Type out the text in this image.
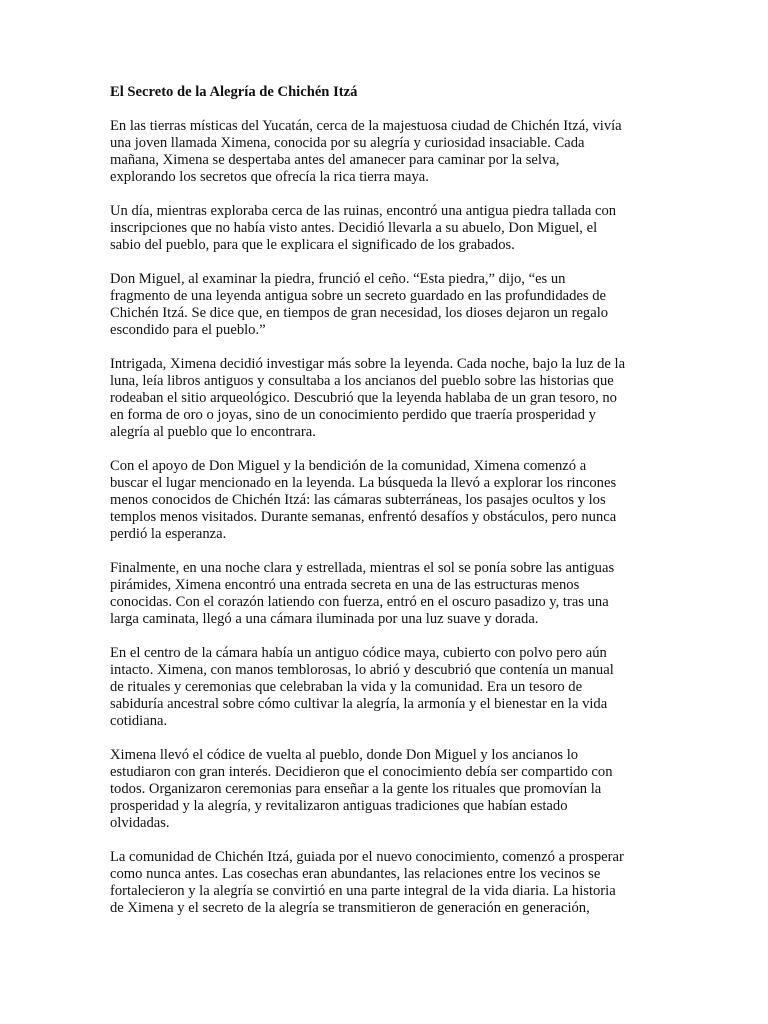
El Secreto de la Alegría de Chichén Itzá
En las tierras místicas del Yucatán, cerca de la majestuosa ciudad de Chichén Itzá, vivía
una joven llamada Ximena, conocida por su alegría y curiosidad insaciable. Cada
mañana, Ximena se despertaba antes del amanecer para caminar por la selva,
explorando los secretos que ofrecía la rica tierra maya.
Un día, mientras exploraba cerca de las ruinas, encontró una antigua piedra tallada con
inscripciones que no había visto antes. Decidió llevarla a su abuelo, Don Miguel, el
sabio del pueblo, para que le explicara el significado de los grabados.
Don Miguel, al examinar la piedra, frunció el ceño. “Esta piedra,” dijo, “es un
fragmento de una leyenda antigua sobre un secreto guardado en las profundidades de
Chichén Itzá. Se dice que, en tiempos de gran necesidad, los dioses dejaron un regalo
escondido para el pueblo.”
Intrigada, Ximena decidió investigar más sobre la leyenda. Cada noche, bajo la luz de la
luna, leía libros antiguos y consultaba a los ancianos del pueblo sobre las historias que
rodeaban el sitio arqueológico. Descubrió que la leyenda hablaba de un gran tesoro, no
en forma de oro o joyas, sino de un conocimiento perdido que traería prosperidad y
alegría al pueblo que lo encontrara.
Con el apoyo de Don Miguel y la bendición de la comunidad, Ximena comenzó a
buscar el lugar mencionado en la leyenda. La búsqueda la llevó a explorar los rincones
menos conocidos de Chichén Itzá: las cámaras subterráneas, los pasajes ocultos y los
templos menos visitados. Durante semanas, enfrentó desafíos y obstáculos, pero nunca
perdió la esperanza.
Finalmente, en una noche clara y estrellada, mientras el sol se ponía sobre las antiguas
pirámides, Ximena encontró una entrada secreta en una de las estructuras menos
conocidas. Con el corazón latiendo con fuerza, entró en el oscuro pasadizo y, tras una
larga caminata, llegó a una cámara iluminada por una luz suave y dorada.
En el centro de la cámara había un antiguo códice maya, cubierto con polvo pero aún
intacto. Ximena, con manos temblorosas, lo abrió y descubrió que contenía un manual
de rituales y ceremonias que celebraban la vida y la comunidad. Era un tesoro de
sabiduría ancestral sobre cómo cultivar la alegría, la armonía y el bienestar en la vida
cotidiana.
Ximena llevó el códice de vuelta al pueblo, donde Don Miguel y los ancianos lo
estudiaron con gran interés. Decidieron que el conocimiento debía ser compartido con
todos. Organizaron ceremonias para enseñar a la gente los rituales que promovían la
prosperidad y la alegría, y revitalizaron antiguas tradiciones que habían estado
olvidadas.
La comunidad de Chichén Itzá, guiada por el nuevo conocimiento, comenzó a prosperar
como nunca antes. Las cosechas eran abundantes, las relaciones entre los vecinos se
fortalecieron y la alegría se convirtió en una parte integral de la vida diaria. La historia
de Ximena y el secreto de la alegría se transmitieron de generación en generación,
